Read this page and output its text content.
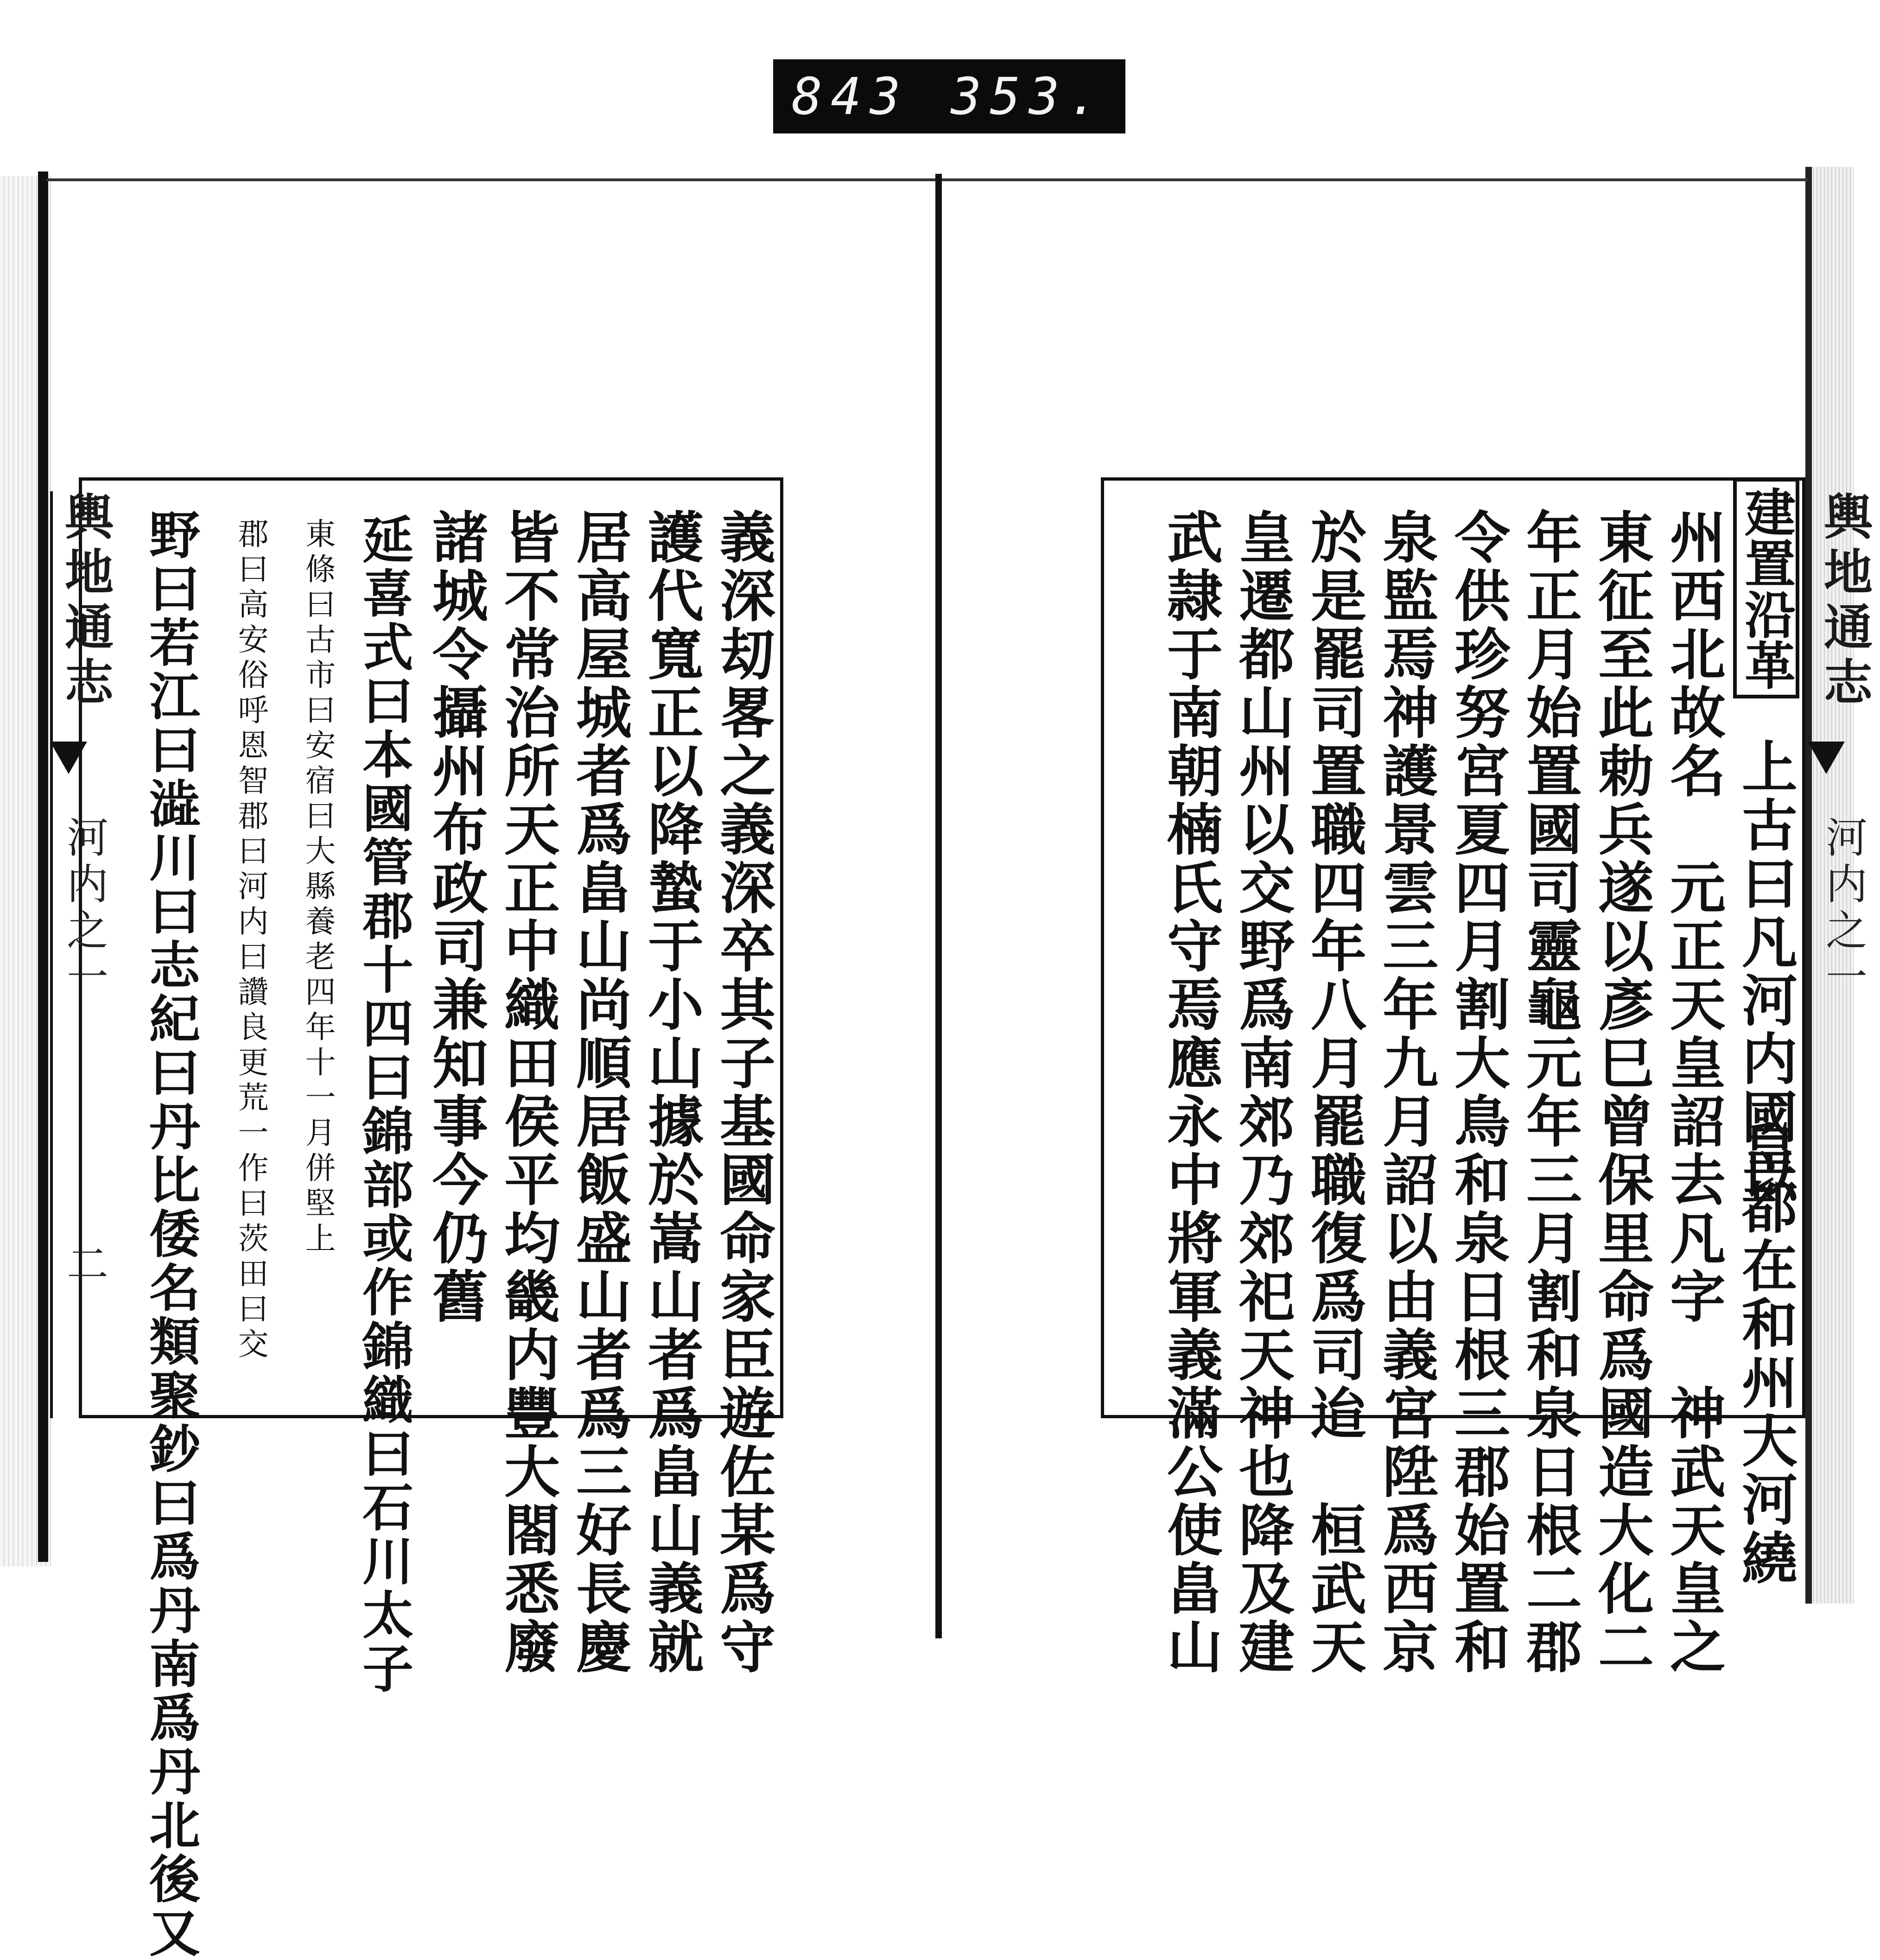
843 353.
上古曰凡河内國以
建置沿革
皇都在和州大河繞
州西北故名　元正天皇詔去凡字　神武天皇之
東征至此勅兵遂以彥巳曾保里命爲國造大化二
年正月始置國司靈龜元年三月割和泉日根二郡
令供珍努宮夏四月割大鳥和泉日根三郡始置和
泉監焉神護景雲三年九月詔以由義宮陞爲西京
於是罷司置職四年八月罷職復爲司迨　桓武天
皇遷都山州以交野爲南郊乃郊祀天神也降及建
武隷于南朝楠氏守焉應永中將軍義滿公使畠山	輿地通志
河内之一
義深刧畧之義深卒其子基國命家臣遊佐某爲守
護代寬正以降蟄于小山據於嵩山者爲畠山義就
居高屋城者爲畠山尚順居飯盛山者爲三好長慶
皆不常治所天正中織田侯平均畿内豐大閤悉廢
諸城令攝州布政司兼知事今仍舊
延喜式曰本國管郡十四曰錦部或作錦織曰石川太子
東條曰古市曰安宿曰大縣養老四年十一月併堅上
郡曰高安俗呼恩智郡曰河内曰讚良更荒一作曰茨田曰交
野曰若江曰澁川曰志紀曰丹比倭名類聚鈔曰爲丹南爲丹北後又
輿地通志
河内之一
二
